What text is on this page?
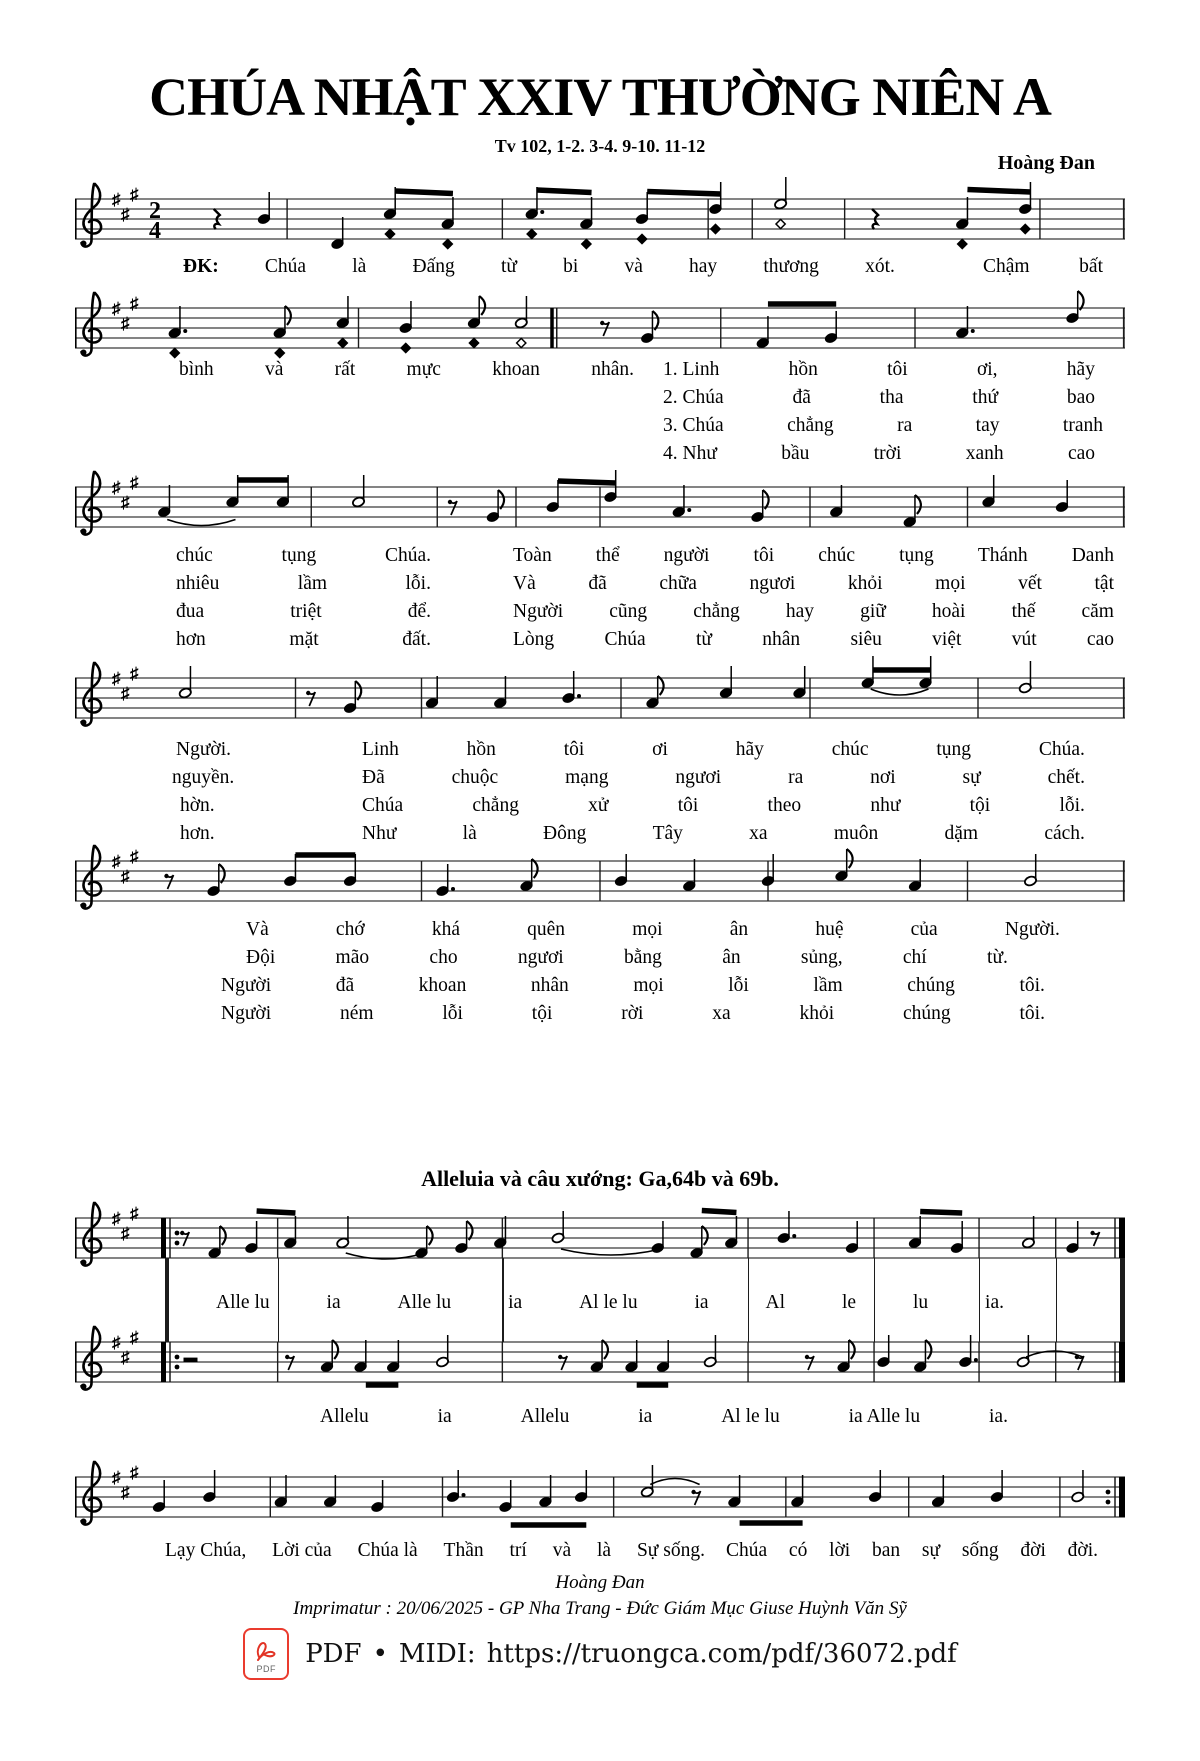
CHÚA NHẬT XXIV THƯỜNG NIÊN A
Tv 102, 1-2. 3-4. 9-10. 11-12
Hoàng Đan
♯
♯
♯
2
4
♯
♯
♯
♯
♯
♯
♯
♯
♯
♯
♯
♯
♯
♯
♯
♯
♯
♯
♯
♯
♯
ĐK: Chúa là Đấng từ bi và hay thương xót.	Chậm	bất
bình	và	rất	mực	khoan	nhân. 1. Linh	hồn	tôi	ơi,	hãy
2. Chúa	đã	tha	thứ	bao
3. Chúa	chẳng	ra	tay	tranh
4. Như	bầu	trời	xanh	cao
chúc	tụng	Chúa.	Toàn thể người tôi chúc tụng Thánh Danh
nhiêu	lầm	lỗi.	Và	đã	chữa	ngươi	khỏi	mọi	vết	tật
đua	triệt	để.	Người cũng chẳng hay giữ hoài thế căm
hơn	mặt	đất.	Lòng	Chúa	từ	nhân	siêu	việt	vút	cao
Người.	Linh	hồn	tôi	ơi	hãy	chúc	tụng	Chúa.
nguyền.	Đã	chuộc	mạng	ngươi	ra	nơi	sự	chết.
hờn.	Chúa	chẳng	xử	tôi	theo	như	tội	lỗi.
hơn.	Như	là	Đông	Tây	xa	muôn	dặm	cách.
Và	chớ	khá	quên	mọi	ân	huệ	của	Người.
Đội	mão	cho	ngươi	bằng	ân	sủng,	chí	từ.
Người	đã	khoan	nhân	mọi	lỗi	lầm	chúng	tôi.
Người	ném	lỗi	tội	rời	xa	khỏi	chúng	tôi.
Alle lu	ia	Alle lu	ia	Al le lu	ia	Al	le	lu	ia.
Allelu	ia	Allelu	ia	Al le lu	ia Alle lu	ia.
Lạy Chúa, Lời của Chúa là Thần trí và là Sự sống. Chúa có lời ban sự sống đời đời.
Alleluia và câu xướng: Ga,64b và 69b.
Hoàng Đan
Imprimatur : 20/06/2025 - GP Nha Trang - Đức Giám Mục Giuse Huỳnh Văn Sỹ
PDF PDF • MIDI: https://truongca.com/pdf/36072.pdf
